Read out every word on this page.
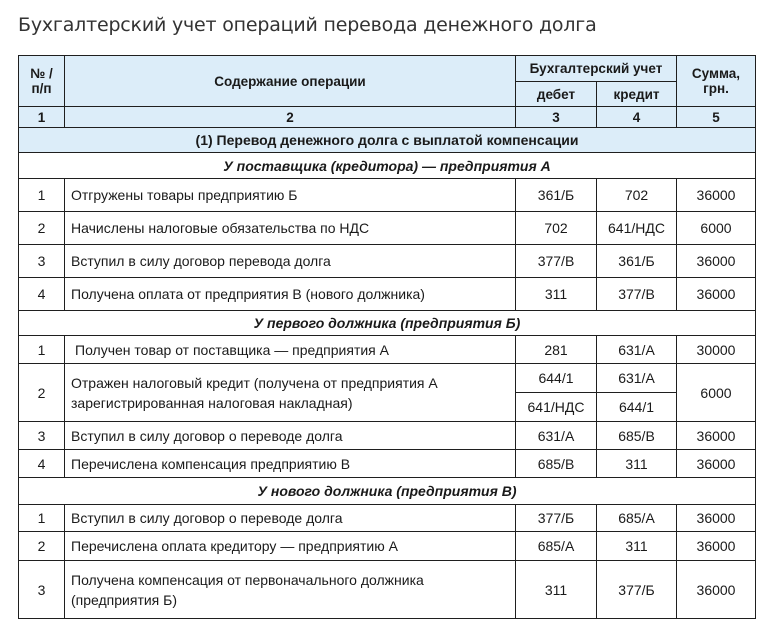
Бухгалтерский учет операций перевода денежного долга
№ / п/п	Содержание операции	Бухгалтерский учет		Сумма, грн.
		дебет	кредит	
1	2	3	4	5
(1) Перевод денежного долга с выплатой компенсации				
У поставщика (кредитора) — предприятия А				
1	Отгружены товары предприятию Б	361/Б	702	36000
2	Начислены налоговые обязательства по НДС	702	641/НДС	6000
3	Вступил в силу договор перевода долга	377/В	361/Б	36000
4	Получена оплата от предприятия В (нового должника)	311	377/В	36000
У первого должника (предприятия Б)				
1	Получен товар от поставщика — предприятия А	281	631/А	30000
2	Отражен налоговый кредит (получена от предприятия А зарегистрированная налоговая накладная)	644/1	631/А	6000
		641/НДС	644/1	
3	Вступил в силу договор о переводе долга	631/А	685/В	36000
4	Перечислена компенсация предприятию В	685/В	311	36000
У нового должника (предприятия В)				
1	Вступил в силу договор о переводе долга	377/Б	685/А	36000
2	Перечислена оплата кредитору — предприятию А	685/А	311	36000
3	Получена компенсация от первоначального должника (предприятия Б)	311	377/Б	36000
